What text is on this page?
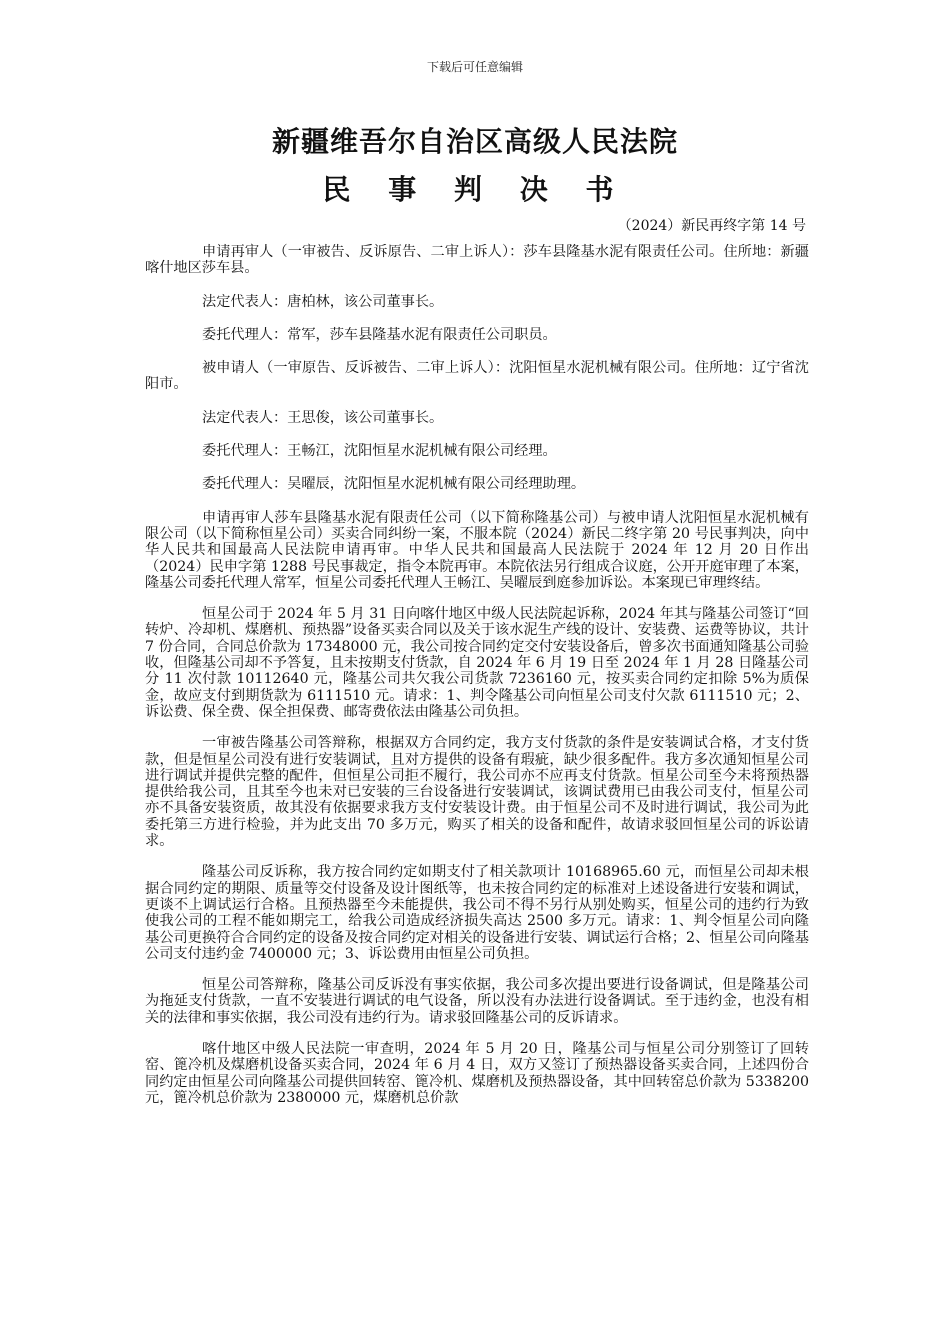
下载后可任意编辑
新疆维吾尔自治区高级人民法院
民 事 判 决 书
（2024）新民再终字第 14 号

申请再审人（一审被告、反诉原告、二审上诉人）：莎车县隆基水泥有限责任公司。住所地：新疆喀什地区莎车县。

法定代表人：唐柏林，该公司董事长。

委托代理人：常军，莎车县隆基水泥有限责任公司职员。

被申请人（一审原告、反诉被告、二审上诉人）：沈阳恒星水泥机械有限公司。住所地：辽宁省沈阳市。

法定代表人：王思俊，该公司董事长。

委托代理人：王畅江，沈阳恒星水泥机械有限公司经理。

委托代理人：吴曜辰，沈阳恒星水泥机械有限公司经理助理。

申请再审人莎车县隆基水泥有限责任公司（以下简称隆基公司）与被申请人沈阳恒星水泥机械有限公司（以下简称恒星公司）买卖合同纠纷一案，不服本院（2024）新民二终字第 20 号民事判决，向中华人民共和国最高人民法院申请再审。中华人民共和国最高人民法院于 2024 年 12 月 20 日作出（2024）民申字第 1288 号民事裁定，指令本院再审。本院依法另行组成合议庭，公开开庭审理了本案，隆基公司委托代理人常军，恒星公司委托代理人王畅江、吴曜辰到庭参加诉讼。本案现已审理终结。

恒星公司于 2024 年 5 月 31 日向喀什地区中级人民法院起诉称，2024 年其与隆基公司签订“回转炉、冷却机、煤磨机、预热器”设备买卖合同以及关于该水泥生产线的设计、安装费、运费等协议，共计 7 份合同，合同总价款为 17348000 元，我公司按合同约定交付安装设备后，曾多次书面通知隆基公司验收，但隆基公司却不予答复，且未按期支付货款，自 2024 年 6 月 19 日至 2024 年 1 月 28 日隆基公司分 11 次付款 10112640 元，隆基公司共欠我公司货款 7236160 元，按买卖合同约定扣除 5%为质保金，故应支付到期货款为 6111510 元。请求：1、判令隆基公司向恒星公司支付欠款 6111510 元；2、诉讼费、保全费、保全担保费、邮寄费依法由隆基公司负担。

一审被告隆基公司答辩称，根据双方合同约定，我方支付货款的条件是安装调试合格，才支付货款，但是恒星公司没有进行安装调试，且对方提供的设备有瑕疵，缺少很多配件。我方多次通知恒星公司进行调试并提供完整的配件，但恒星公司拒不履行，我公司亦不应再支付货款。恒星公司至今未将预热器提供给我公司，且其至今也未对已安装的三台设备进行安装调试，该调试费用已由我公司支付，恒星公司亦不具备安装资质，故其没有依据要求我方支付安装设计费。由于恒星公司不及时进行调试，我公司为此委托第三方进行检验，并为此支出 70 多万元，购买了相关的设备和配件，故请求驳回恒星公司的诉讼请求。

隆基公司反诉称，我方按合同约定如期支付了相关款项计 10168965.60 元，而恒星公司却未根据合同约定的期限、质量等交付设备及设计图纸等，也未按合同约定的标准对上述设备进行安装和调试，更谈不上调试运行合格。且预热器至今未能提供，我公司不得不另行从别处购买，恒星公司的违约行为致使我公司的工程不能如期完工，给我公司造成经济损失高达 2500 多万元。请求：1、判令恒星公司向隆基公司更换符合合同约定的设备及按合同约定对相关的设备进行安装、调试运行合格；2、恒星公司向隆基公司支付违约金 7400000 元；3、诉讼费用由恒星公司负担。

恒星公司答辩称，隆基公司反诉没有事实依据，我公司多次提出要进行设备调试，但是隆基公司为拖延支付货款，一直不安装进行调试的电气设备，所以没有办法进行设备调试。至于违约金，也没有相关的法律和事实依据，我公司没有违约行为。请求驳回隆基公司的反诉请求。

喀什地区中级人民法院一审查明，2024 年 5 月 20 日，隆基公司与恒星公司分别签订了回转窑、篦冷机及煤磨机设备买卖合同，2024 年 6 月 4 日，双方又签订了预热器设备买卖合同，上述四份合同约定由恒星公司向隆基公司提供回转窑、篦冷机、煤磨机及预热器设备，其中回转窑总价款为 5338200 元，篦冷机总价款为 2380000 元，煤磨机总价款
